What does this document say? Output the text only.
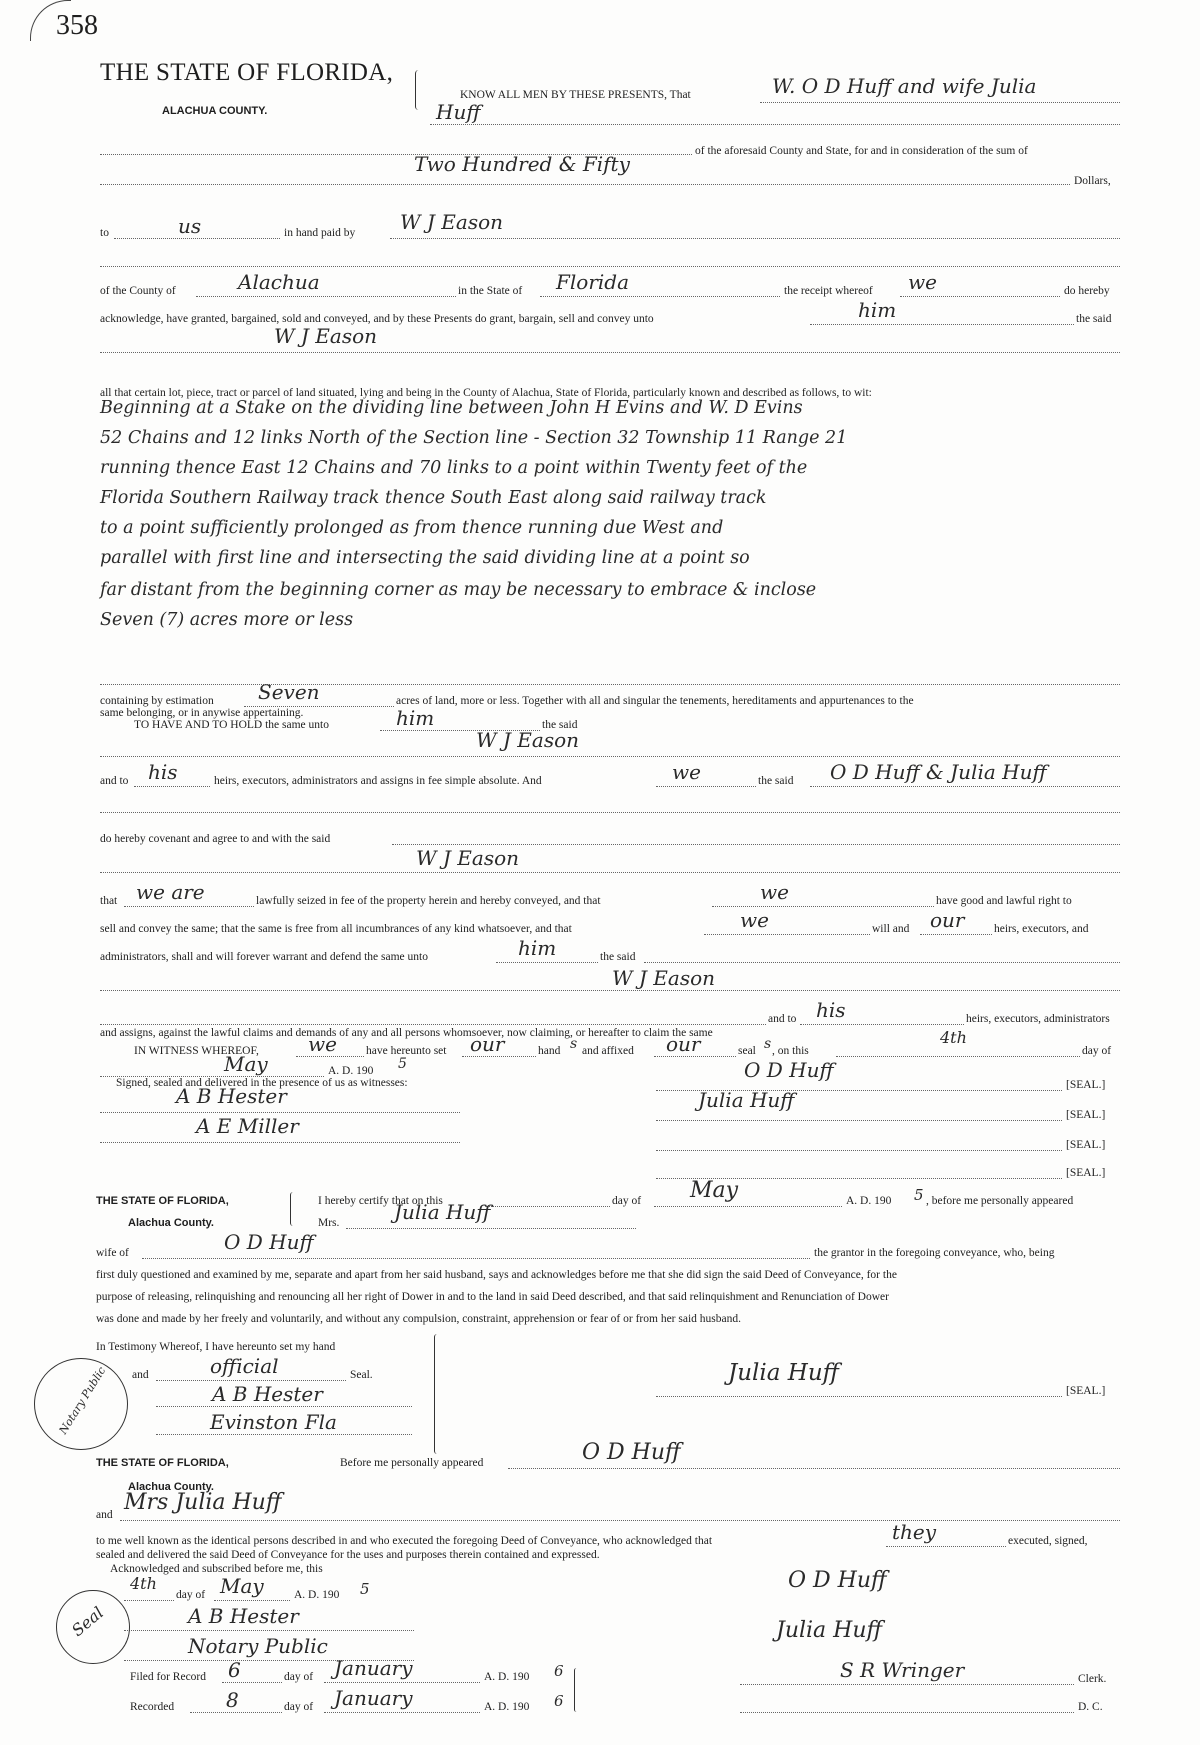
358
THE STATE OF FLORIDA,
ALACHUA COUNTY.
KNOW ALL MEN BY THESE PRESENTS, That	W. O D Huff and wife Julia
Huff
of the aforesaid County and State, for and in consideration of the sum of
Two Hundred & Fifty
Dollars,
to	us	in hand paid by W J Eason
of the County of	Alachua	in the State of Florida	the receipt whereof we	do hereby
acknowledge, have granted, bargained, sold and conveyed, and by these Presents do grant, bargain, sell and convey unto	him	the said
W J Eason
all that certain lot, piece, tract or parcel of land situated, lying and being in the County of Alachua, State of Florida, particularly known and described as follows, to wit:
Beginning at a Stake on the dividing line between John H Evins and W. D Evins
52 Chains and 12 links North of the Section line - Section 32 Township 11 Range 21
running thence East 12 Chains and 70 links to a point within Twenty feet of the
Florida Southern Railway track thence South East along said railway track
to a point sufficiently prolonged as from thence running due West and
parallel with first line and intersecting the said dividing line at a point so
far distant from the beginning corner as may be necessary to embrace & inclose
Seven (7) acres more or less
containing by estimation Seven	acres of land, more or less. Together with all and singular the tenements, hereditaments and appurtenances to the
same belonging, or in anywise appertaining.
TO HAVE AND TO HOLD the same unto	him	the said
W J Eason
and to his	heirs, executors, administrators and assigns in fee simple absolute. And	we	the said O D Huff & Julia Huff
do hereby covenant and agree to and with the said
W J Eason
that we are	lawfully seized in fee of the property herein and hereby conveyed, and that	we	have good and lawful right to
sell and convey the same; that the same is free from all incumbrances of any kind whatsoever, and that	we	will and our	heirs, executors, and
administrators, shall and will forever warrant and defend the same unto	him	the said
W J Eason
and to his	heirs, executors, administrators
and assigns, against the lawful claims and demands of any and all persons whomsoever, now claiming, or hereafter to claim the same
IN WITNESS WHEREOF, we	have hereunto set our	hand s and affixed our	seal s , on this
4th
day of
May	A. D. 190 5
Signed, sealed and delivered in the presence of us as witnesses:
A B Hester
A E Miller
O D Huff
[SEAL.]
Julia Huff
[SEAL.]
[SEAL.]
[SEAL.]
THE STATE OF FLORIDA,
Alachua County.
I hereby certify that on this	day of May	A. D. 190 5 , before me personally appeared
Mrs.	Julia Huff
wife of	O D Huff	the grantor in the foregoing conveyance, who, being
first duly questioned and examined by me, separate and apart from her said husband, says and acknowledges before me that she did sign the said Deed of Conveyance, for the
purpose of releasing, relinquishing and renouncing all her right of Dower in and to the land in said Deed described, and that said relinquishment and Renunciation of Dower
was done and made by her freely and voluntarily, and without any compulsion, constraint, apprehension or fear of or from her said husband.
In Testimony Whereof, I have hereunto set my hand
and	official	Seal.
A B Hester
Evinston Fla
Notary Public	Julia Huff
[SEAL.]
THE STATE OF FLORIDA,
Alachua County.
Before me personally appeared	O D Huff
and Mrs Julia Huff
to me well known as the identical persons described in and who executed the foregoing Deed of Conveyance, who acknowledged that	they	executed, signed,
sealed and delivered the said Deed of Conveyance for the uses and purposes therein contained and expressed.
Acknowledged and subscribed before me, this
4th
day of May	A. D. 190 5
A B Hester
Notary Public
Seal
O D Huff
Julia Huff
Filed for Record 6	day of January	A. D. 190 6
Recorded	8	day of January	A. D. 190 6
S R Wringer	Clerk.
D. C.
